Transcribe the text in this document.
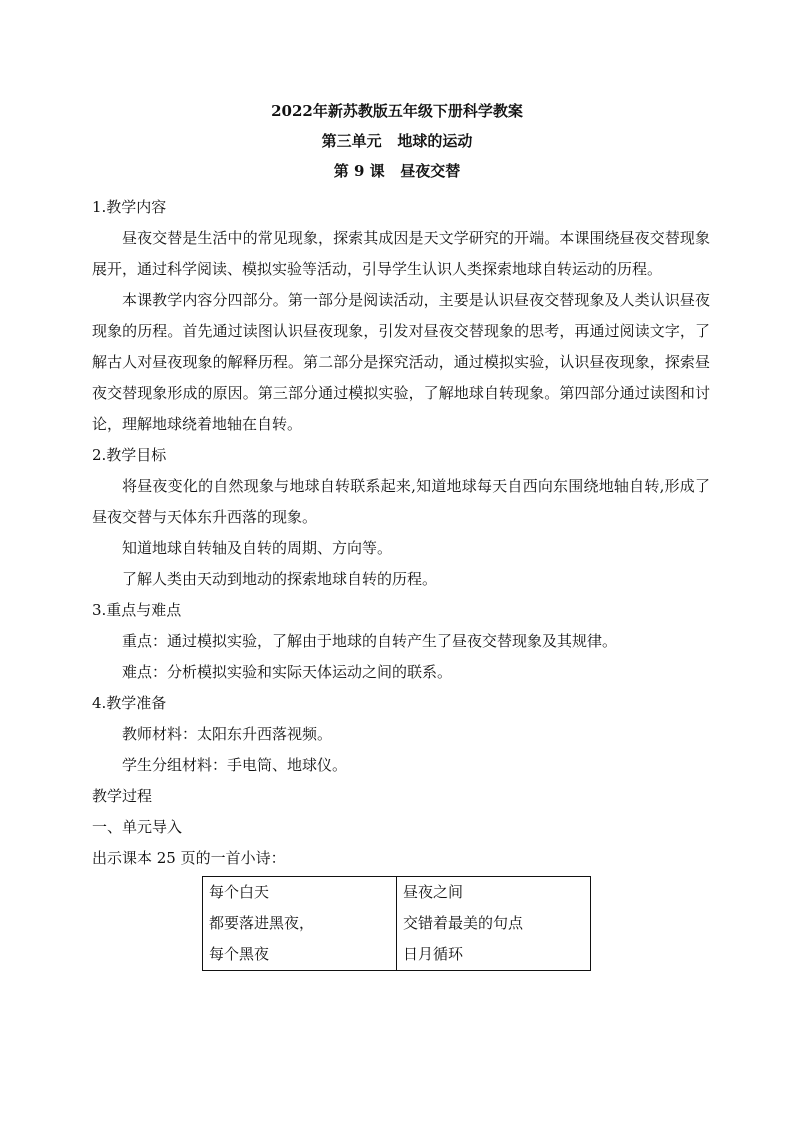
2022年新苏教版五年级下册科学教案
第三单元   地球的运动
第 9 课   昼夜交替

1.教学内容

昼夜交替是生活中的常见现象，探索其成因是天文学研究的开端。本课围绕昼夜交替现象展开，通过科学阅读、模拟实验等活动，引导学生认识人类探索地球自转运动的历程。

本课教学内容分四部分。第一部分是阅读活动，主要是认识昼夜交替现象及人类认识昼夜现象的历程。首先通过读图认识昼夜现象，引发对昼夜交替现象的思考，再通过阅读文字，了解古人对昼夜现象的解释历程。第二部分是探究活动，通过模拟实验，认识昼夜现象，探索昼夜交替现象形成的原因。第三部分通过模拟实验，了解地球自转现象。第四部分通过读图和讨论，理解地球绕着地轴在自转。

2.教学目标

将昼夜变化的自然现象与地球自转联系起来,知道地球每天自西向东围绕地轴自转,形成了昼夜交替与天体东升西落的现象。

知道地球自转轴及自转的周期、方向等。

了解人类由天动到地动的探索地球自转的历程。

3.重点与难点

重点：通过模拟实验，了解由于地球的自转产生了昼夜交替现象及其规律。

难点：分析模拟实验和实际天体运动之间的联系。

4.教学准备

教师材料：太阳东升西落视频。

学生分组材料：手电筒、地球仪。

教学过程

一、单元导入

出示课本 25 页的一首小诗：

每个白天
都要落进黑夜，
每个黑夜

昼夜之间
交错着最美的句点
日月循环
